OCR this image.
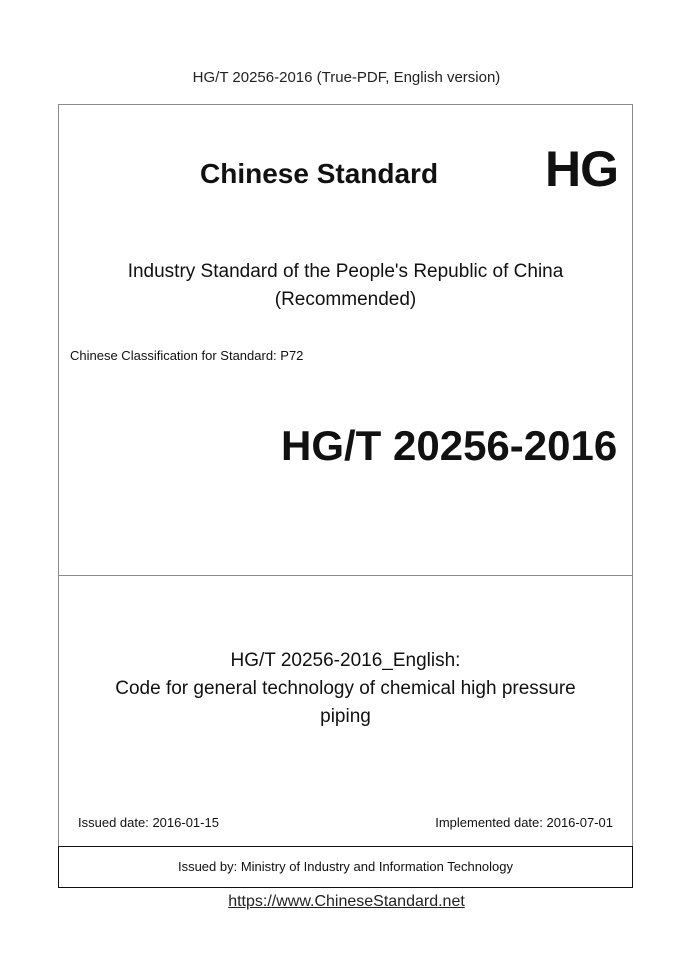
HG/T 20256-2016 (True-PDF, English version)
Chinese Standard HG
Industry Standard of the People's Republic of China
(Recommended)
Chinese Classification for Standard: P72
HG/T 20256-2016
HG/T 20256-2016_English:
Code for general technology of chemical high pressure
piping
Issued date: 2016-01-15	Implemented date: 2016-07-01
Issued by: Ministry of Industry and Information Technology
https://www.ChineseStandard.net
